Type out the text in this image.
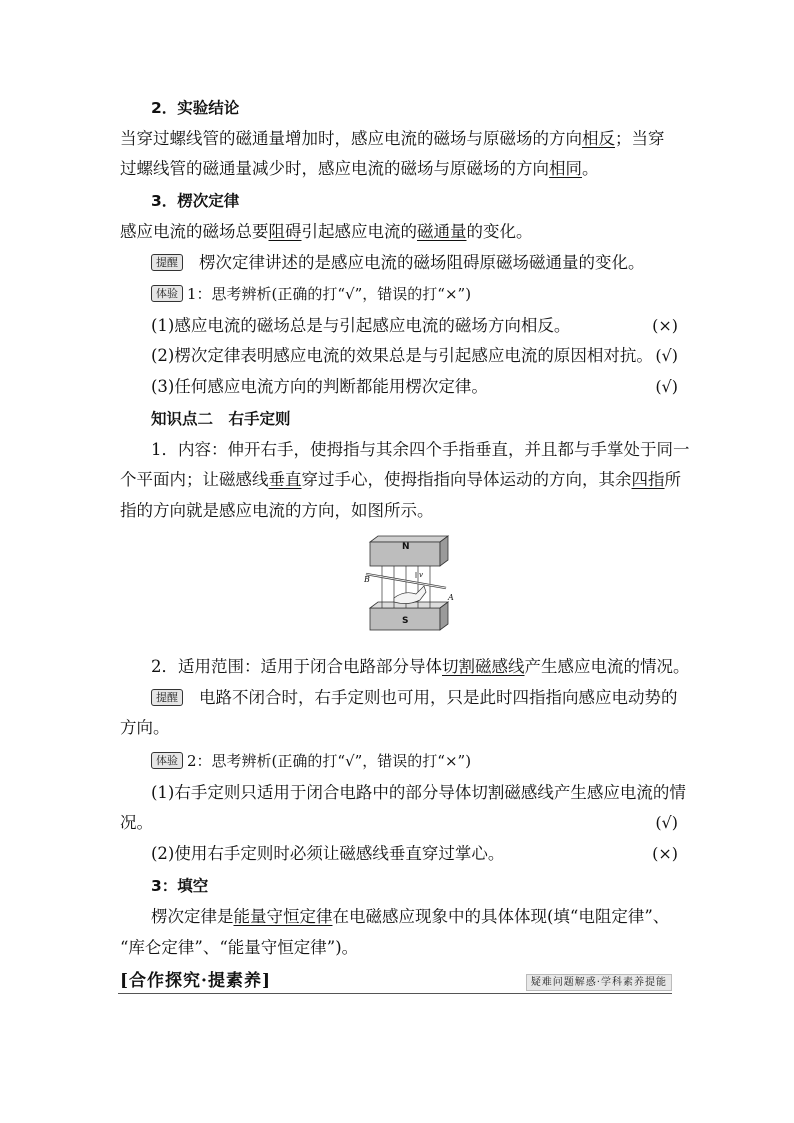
2．实验结论
当穿过螺线管的磁通量增加时，感应电流的磁场与原磁场的方向相反；当穿
过螺线管的磁通量减少时，感应电流的磁场与原磁场的方向相同。
3．楞次定律
感应电流的磁场总要阻碍引起感应电流的磁通量的变化。
提醒 楞次定律讲述的是感应电流的磁场阻碍原磁场磁通量的变化。
体验 1：思考辨析(正确的打“√”，错误的打“×”)
(1)感应电流的磁场总是与引起感应电流的磁场方向相反。	(×)
(2)楞次定律表明感应电流的效果总是与引起感应电流的原因相对抗。 (√)
(3)任何感应电流方向的判断都能用楞次定律。	(√)
知识点二　右手定则
1．内容：伸开右手，使拇指与其余四个手指垂直，并且都与手掌处于同一
个平面内；让磁感线垂直穿过手心，使拇指指向导体运动的方向，其余四指所
指的方向就是感应电流的方向，如图所示。
N
S
B
A
v
2．适用范围：适用于闭合电路部分导体切割磁感线产生感应电流的情况。
提醒 电路不闭合时，右手定则也可用，只是此时四指指向感应电动势的
方向。
体验 2：思考辨析(正确的打“√”，错误的打“×”)
(1)右手定则只适用于闭合电路中的部分导体切割磁感线产生感应电流的情
况。	(√)
(2)使用右手定则时必须让磁感线垂直穿过掌心。	(×)
3：填空
楞次定律是能量守恒定律在电磁感应现象中的具体体现(填“电阻定律”、
“库仑定律”、“能量守恒定律”)。
[合作探究·提素养]	疑难问题解惑·学科素养提能
